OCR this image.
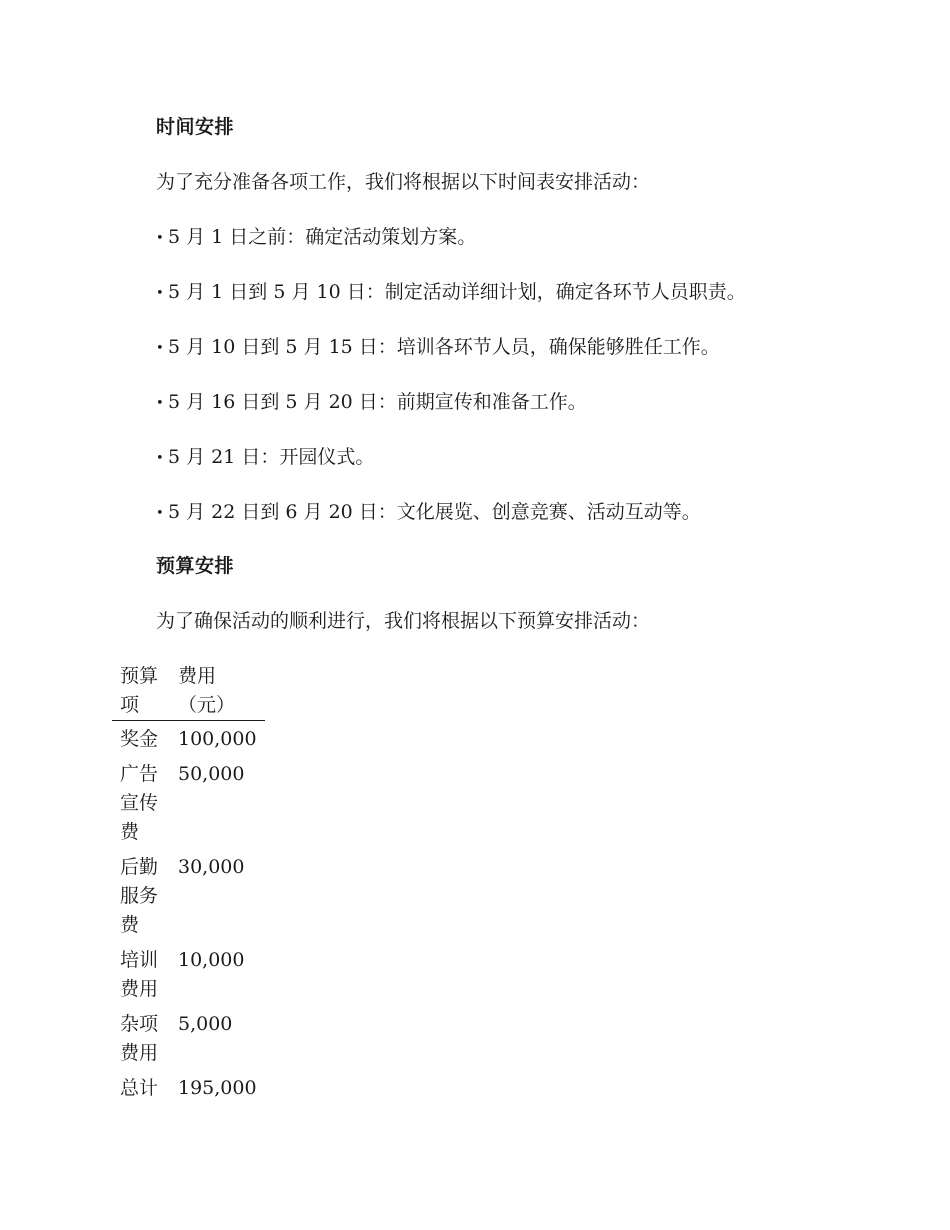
时间安排
为了充分准备各项工作，我们将根据以下时间表安排活动：
• 5 月 1 日之前：确定活动策划方案。
• 5 月 1 日到 5 月 10 日：制定活动详细计划，确定各环节人员职责。
• 5 月 10 日到 5 月 15 日：培训各环节人员，确保能够胜任工作。
• 5 月 16 日到 5 月 20 日：前期宣传和准备工作。
• 5 月 21 日：开园仪式。
• 5 月 22 日到 6 月 20 日：文化展览、创意竞赛、活动互动等。
预算安排
为了确保活动的顺利进行，我们将根据以下预算安排活动：
预算项	费用（元）
奖金	100,000
广告宣传费	50,000
后勤服务费	30,000
培训费用	10,000
杂项费用	5,000
总计	195,000
